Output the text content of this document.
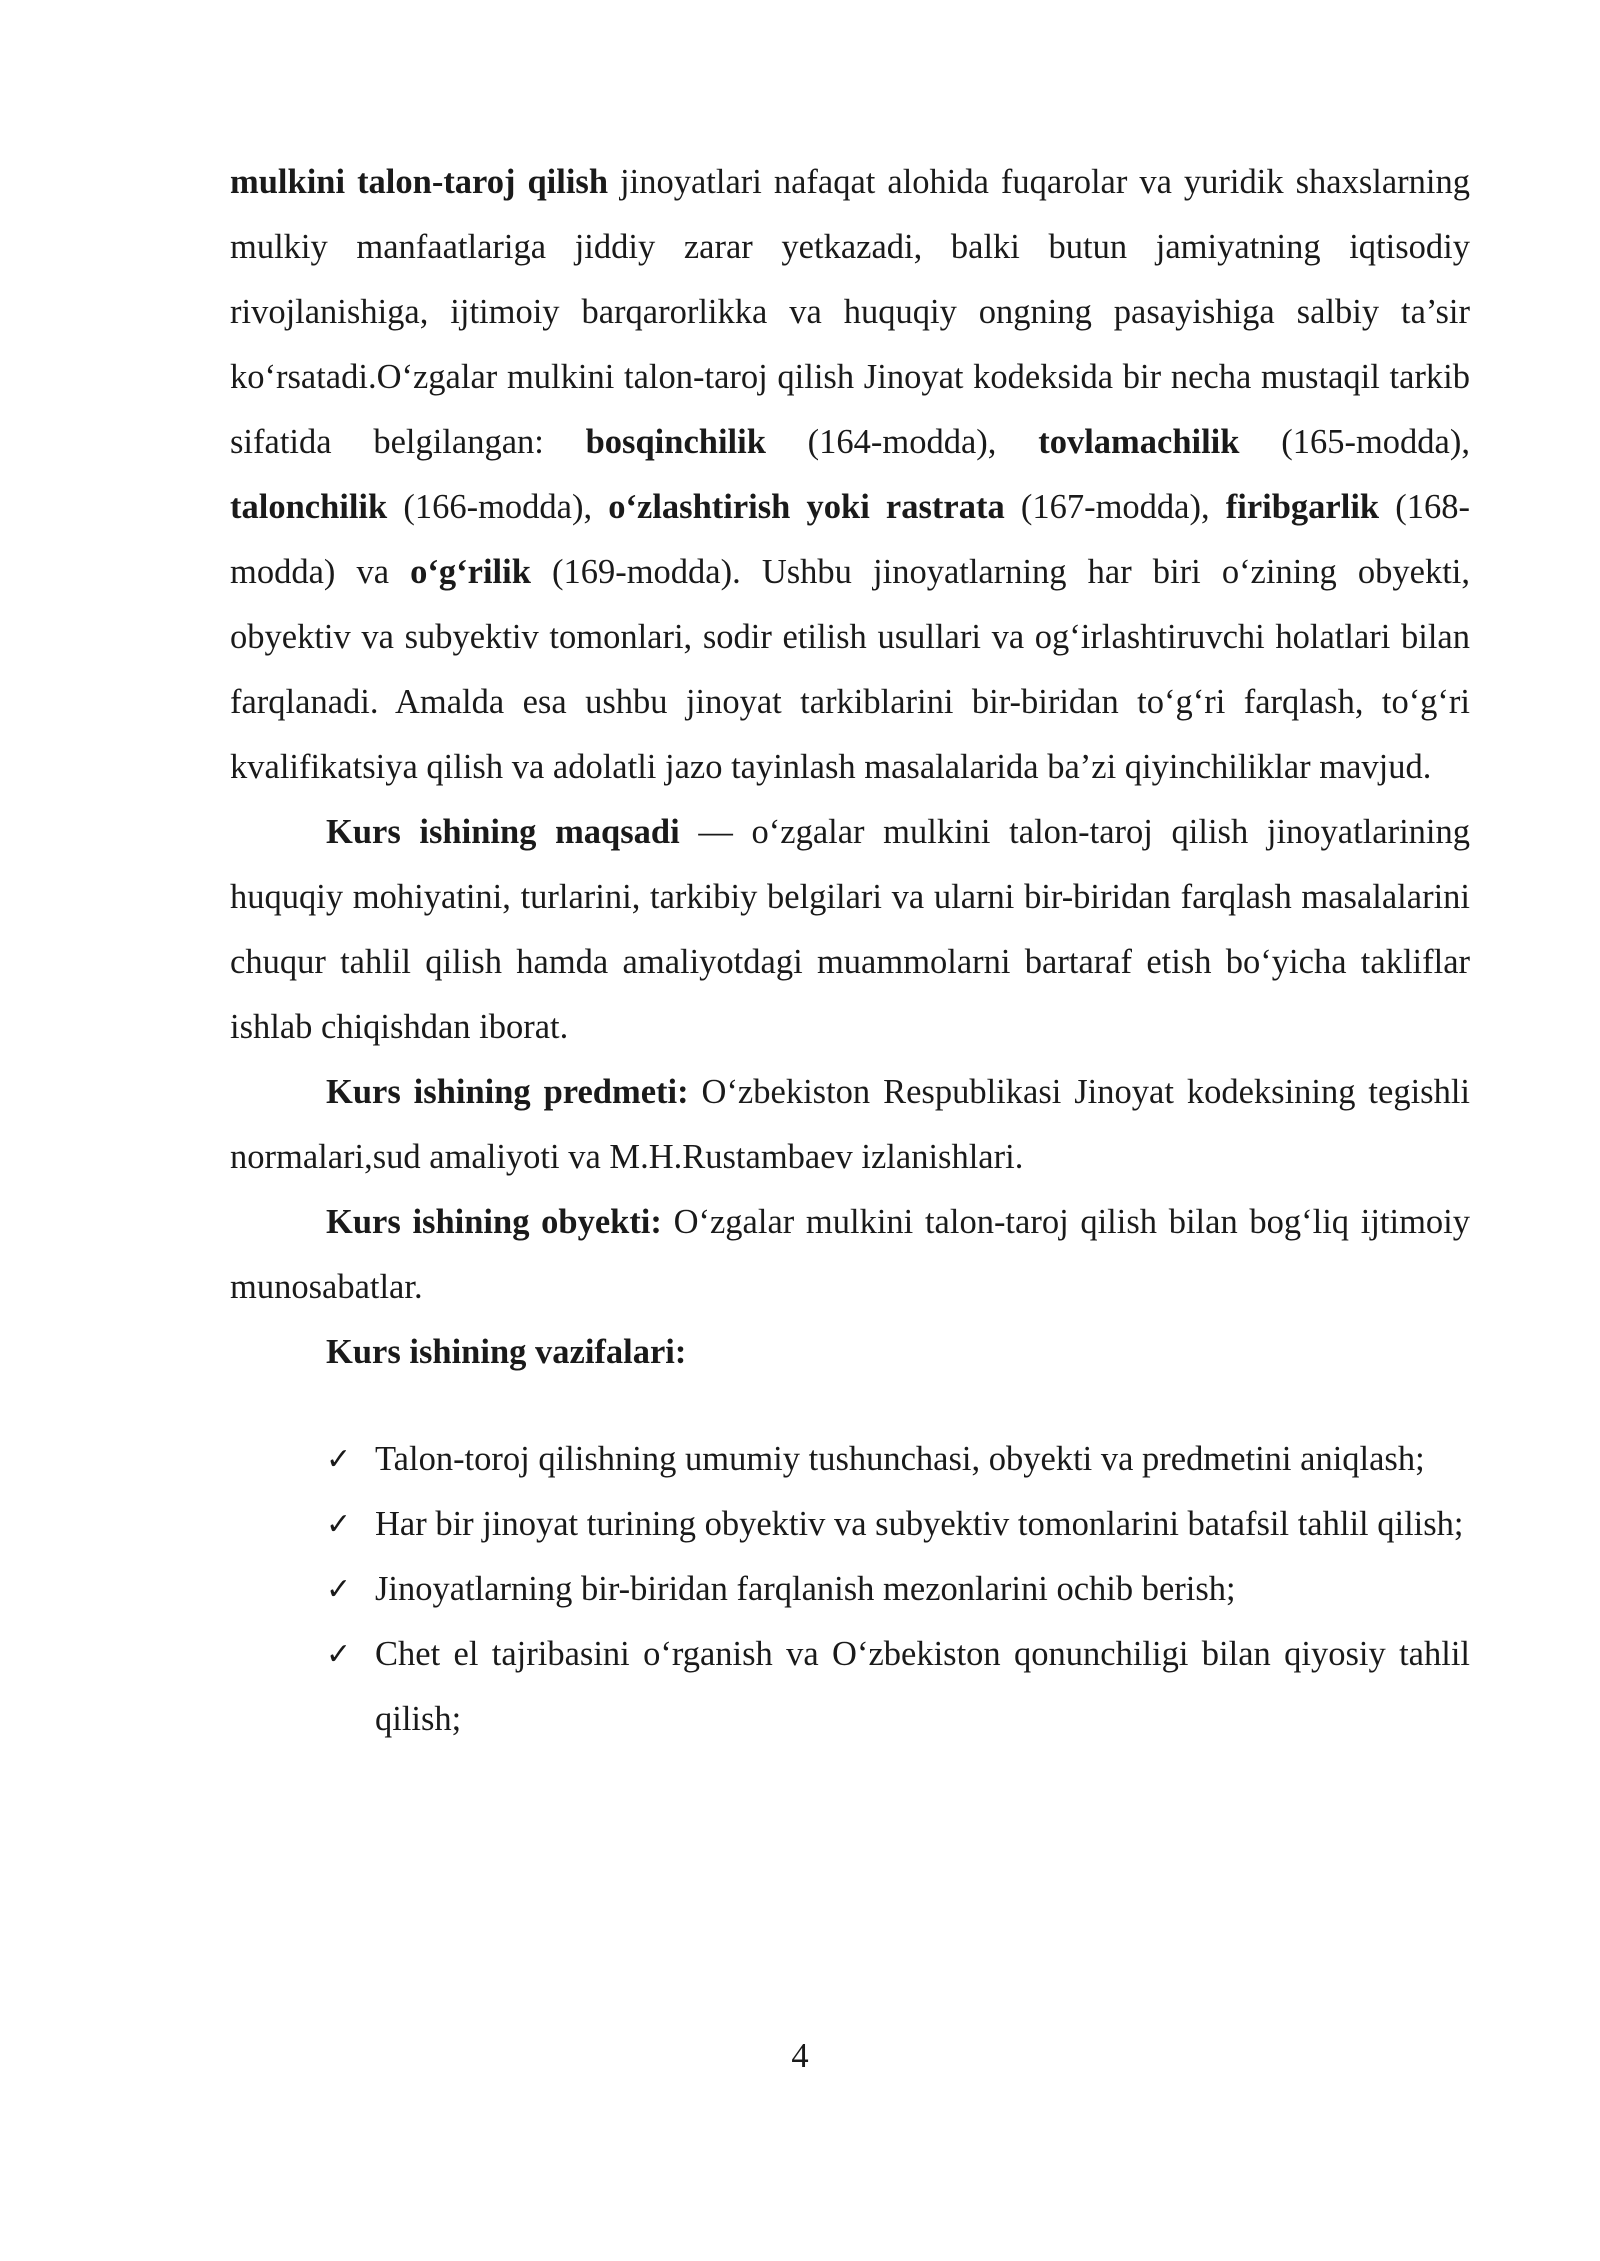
mulkini talon-taroj qilish jinoyatlari nafaqat alohida fuqarolar va yuridik shaxslarning mulkiy manfaatlariga jiddiy zarar yetkazadi, balki butun jamiyatning iqtisodiy rivojlanishiga, ijtimoiy barqarorlikka va huquqiy ongning pasayishiga salbiy ta’sir ko‘rsatadi.O‘zgalar mulkini talon-taroj qilish Jinoyat kodeksida bir necha mustaqil tarkib sifatida belgilangan: bosqinchilik (164-modda), tovlamachilik (165-modda), talonchilik (166-modda), o‘zlashtirish yoki rastrata (167-modda), firibgarlik (168-modda) va o‘g‘rilik (169-modda). Ushbu jinoyatlarning har biri o‘zining obyekti, obyektiv va subyektiv tomonlari, sodir etilish usullari va og‘irlashtiruvchi holatlari bilan farqlanadi. Amalda esa ushbu jinoyat tarkiblarini bir-biridan to‘g‘ri farqlash, to‘g‘ri kvalifikatsiya qilish va adolatli jazo tayinlash masalalarida ba’zi qiyinchiliklar mavjud.

Kurs ishining maqsadi — o‘zgalar mulkini talon-taroj qilish jinoyatlarining huquqiy mohiyatini, turlarini, tarkibiy belgilari va ularni bir-biridan farqlash masalalarini chuqur tahlil qilish hamda amaliyotdagi muammolarni bartaraf etish bo‘yicha takliflar ishlab chiqishdan iborat.

Kurs ishining predmeti: O‘zbekiston Respublikasi Jinoyat kodeksining tegishli normalari,sud amaliyoti va M.H.Rustambaev izlanishlari.

Kurs ishining obyekti: O‘zgalar mulkini talon-taroj qilish bilan bog‘liq ijtimoiy munosabatlar.

Kurs ishining vazifalari:

✓ Talon-toroj qilishning umumiy tushunchasi, obyekti va predmetini aniqlash;
✓ Har bir jinoyat turining obyektiv va subyektiv tomonlarini batafsil tahlil qilish;
✓ Jinoyatlarning bir-biridan farqlanish mezonlarini ochib berish;
✓ Chet el tajribasini o‘rganish va O‘zbekiston qonunchiligi bilan qiyosiy tahlil qilish;
4
